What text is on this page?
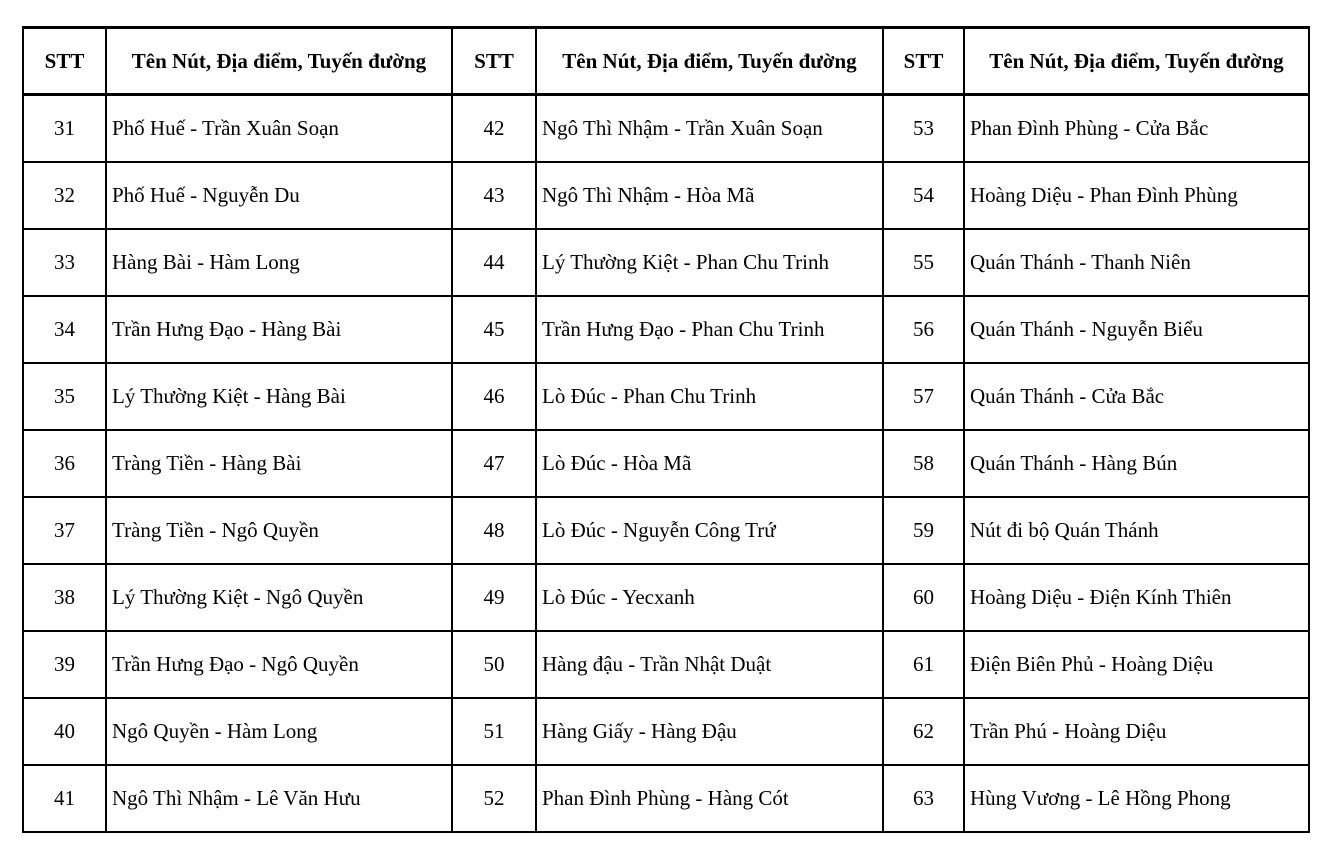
STT	Tên Nút, Địa điểm, Tuyến đường	STT	Tên Nút, Địa điểm, Tuyến đường	STT	Tên Nút, Địa điểm, Tuyến đường
31	Phố Huế - Trần Xuân Soạn	42	Ngô Thì Nhậm - Trần Xuân Soạn	53	Phan Đình Phùng - Cửa Bắc
32	Phố Huế - Nguyễn Du	43	Ngô Thì Nhậm - Hòa Mã	54	Hoàng Diệu - Phan Đình Phùng
33	Hàng Bài - Hàm Long	44	Lý Thường Kiệt - Phan Chu Trinh	55	Quán Thánh - Thanh Niên
34	Trần Hưng Đạo - Hàng Bài	45	Trần Hưng Đạo - Phan Chu Trinh	56	Quán Thánh - Nguyễn Biểu
35	Lý Thường Kiệt - Hàng Bài	46	Lò Đúc - Phan Chu Trinh	57	Quán Thánh - Cửa Bắc
36	Tràng Tiền - Hàng Bài	47	Lò Đúc - Hòa Mã	58	Quán Thánh - Hàng Bún
37	Tràng Tiền - Ngô Quyền	48	Lò Đúc - Nguyễn Công Trứ	59	Nút đi bộ Quán Thánh
38	Lý Thường Kiệt - Ngô Quyền	49	Lò Đúc - Yecxanh	60	Hoàng Diệu - Điện Kính Thiên
39	Trần Hưng Đạo - Ngô Quyền	50	Hàng đậu - Trần Nhật Duật	61	Điện Biên Phủ - Hoàng Diệu
40	Ngô Quyền - Hàm Long	51	Hàng Giấy - Hàng Đậu	62	Trần Phú - Hoàng Diệu
41	Ngô Thì Nhậm - Lê Văn Hưu	52	Phan Đình Phùng - Hàng Cót	63	Hùng Vương - Lê Hồng Phong
